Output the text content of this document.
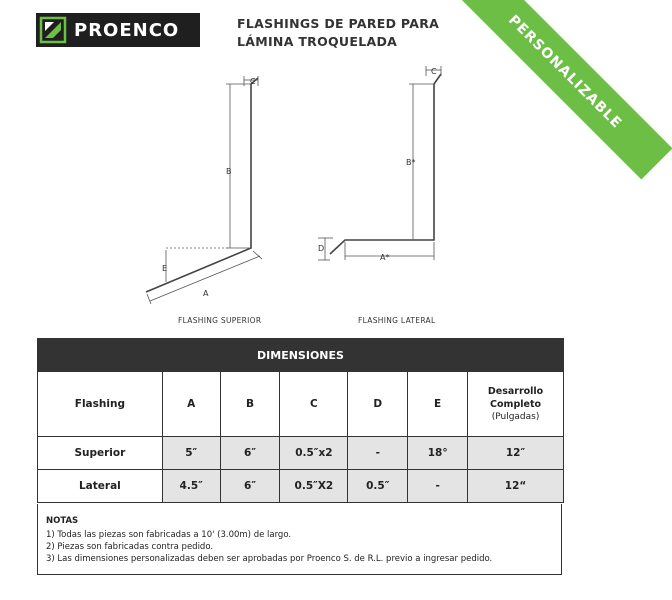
PROENCO	FLASHINGS DE PARED PARA
LÁMINA TROQUELADA	PERSONALIZABLE
C
B
E
A
C
B*
A*
D
FLASHING SUPERIOR	FLASHING LATERAL
DIMENSIONES						
Flashing	A	B	C	D	E	Desarrollo
Completo
(Pulgadas)

Superior	5″	6″	0.5″x2	-	18°	12″
Lateral	4.5″	6″	0.5″X2	0.5″	-	12“
NOTAS
1) Todas las piezas son fabricadas a 10' (3.00m) de largo.
2) Piezas son fabricadas contra pedido.
3) Las dimensiones personalizadas deben ser aprobadas por Proenco S. de R.L. previo a ingresar pedido.
